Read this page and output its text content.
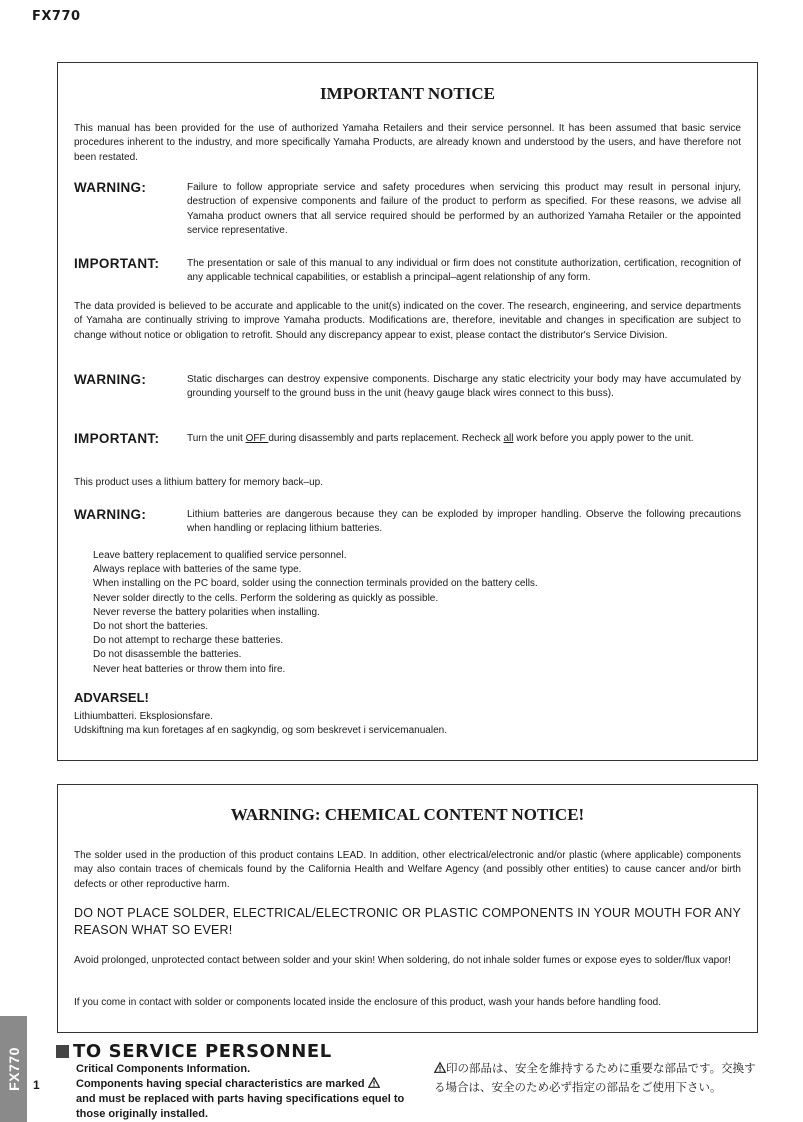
FX770
IMPORTANT NOTICE
This manual has been provided for the use of authorized Yamaha Retailers and their service personnel. It has been assumed that basic service procedures inherent to the industry, and more specifically Yamaha Products, are already known and understood by the users, and have therefore not been restated.
WARNING:	Failure to follow appropriate service and safety procedures when servicing this product may result in personal injury, destruction of expensive components and failure of the product to perform as specified. For these reasons, we advise all Yamaha product owners that all service required should be performed by an authorized Yamaha Retailer or the appointed service representative.
IMPORTANT:	The presentation or sale of this manual to any individual or firm does not constitute authorization, certification, recognition of any applicable technical capabilities, or establish a principal–agent relationship of any form.
The data provided is believed to be accurate and applicable to the unit(s) indicated on the cover. The research, engineering, and service departments of Yamaha are continually striving to improve Yamaha products. Modifications are, therefore, inevitable and changes in specification are subject to change without notice or obligation to retrofit. Should any discrepancy appear to exist, please contact the distributor's Service Division.
WARNING:	Static discharges can destroy expensive components. Discharge any static electricity your body may have accumulated by grounding yourself to the ground buss in the unit (heavy gauge black wires connect to this buss).
IMPORTANT:	Turn the unit OFF during disassembly and parts replacement. Recheck all work before you apply power to the unit.
This product uses a lithium battery for memory back–up.
WARNING:	Lithium batteries are dangerous because they can be exploded by improper handling. Observe the following precautions when handling or replacing lithium batteries.
Leave battery replacement to qualified service personnel.
Always replace with batteries of the same type.
When installing on the PC board, solder using the connection terminals provided on the battery cells.
Never solder directly to the cells. Perform the soldering as quickly as possible.
Never reverse the battery polarities when installing.
Do not short the batteries.
Do not attempt to recharge these batteries.
Do not disassemble the batteries.
Never heat batteries or throw them into fire.
ADVARSEL!
Lithiumbatteri. Eksplosionsfare.
Udskiftning ma kun foretages af en sagkyndig, og som beskrevet i servicemanualen.
WARNING: CHEMICAL CONTENT NOTICE!
The solder used in the production of this product contains LEAD. In addition, other electrical/electronic and/or plastic (where applicable) components may also contain traces of chemicals found by the California Health and Welfare Agency (and possibly other entities) to cause cancer and/or birth defects or other reproductive harm.
DO NOT PLACE SOLDER, ELECTRICAL/ELECTRONIC OR PLASTIC COMPONENTS IN YOUR MOUTH FOR ANY REASON WHAT SO EVER!
Avoid prolonged, unprotected contact between solder and your skin! When soldering, do not inhale solder fumes or expose eyes to solder/flux vapor!
If you come in contact with solder or components located inside the enclosure of this product, wash your hands before handling food.
FX770 1
TO SERVICE PERSONNEL
Critical Components Information.
Components having special characteristics are marked
and must be replaced with parts having specifications equel to those originally installed.
印の部品は、安全を維持するために重要な部品です。交換する場合は、安全のため必ず指定の部品をご使用下さい。
